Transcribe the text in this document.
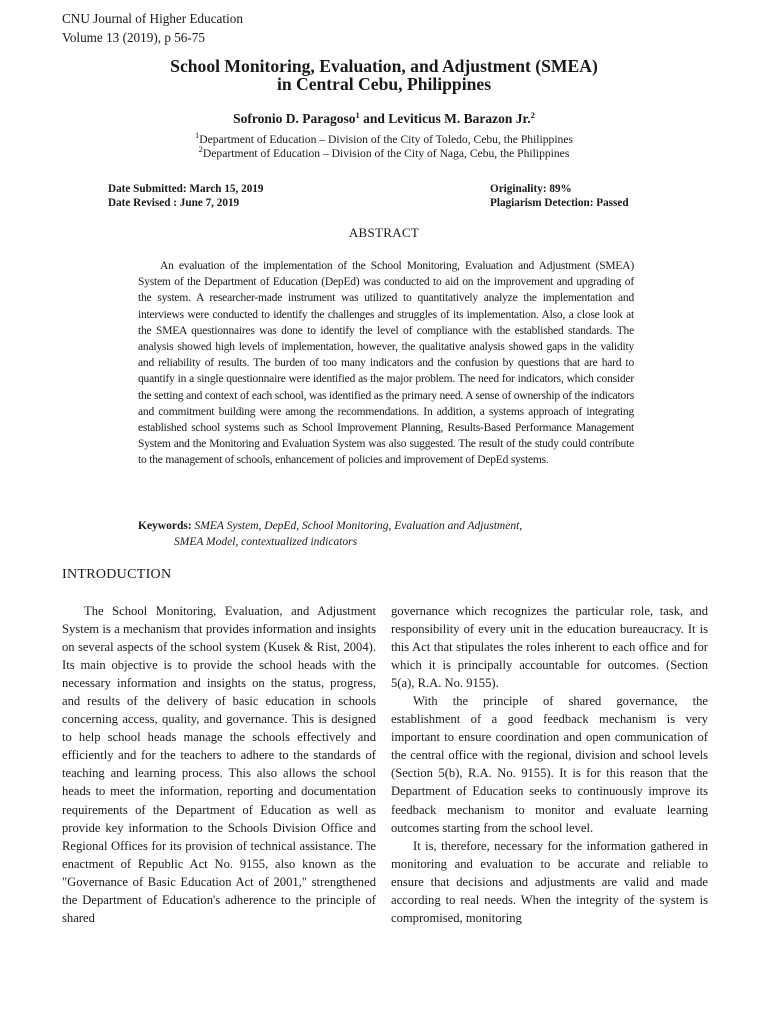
CNU Journal of Higher Education
Volume 13 (2019), p 56-75
School Monitoring, Evaluation, and Adjustment (SMEA)
in Central Cebu, Philippines
Sofronio D. Paragoso$^1$ and Leviticus M. Barazon Jr.$^2$
$^1$Department of Education – Division of the City of Toledo, Cebu, the Philippines
$^2$Department of Education – Division of the City of Naga, Cebu, the Philippines
Date Submitted: March 15, 2019
Date Revised : June 7, 2019
Originality: 89%
Plagiarism Detection: Passed
ABSTRACT

An evaluation of the implementation of the School Monitoring, Evaluation and Adjustment (SMEA) System of the Department of Education (DepEd) was conducted to aid on the improvement and upgrading of the system. A researcher-made instrument was utilized to quantitatively analyze the implementation and interviews were conducted to identify the challenges and struggles of its implementation. Also, a close look at the SMEA questionnaires was done to identify the level of compliance with the established standards. The analysis showed high levels of implementation, however, the qualitative analysis showed gaps in the validity and reliability of results. The burden of too many indicators and the confusion by questions that are hard to quantify in a single questionnaire were identified as the major problem. The need for indicators, which consider the setting and context of each school, was identified as the primary need. A sense of ownership of the indicators and commitment building were among the recommendations. In addition, a systems approach of integrating established school systems such as School Improvement Planning, Results-Based Performance Management System and the Monitoring and Evaluation System was also suggested. The result of the study could contribute to the management of schools, enhancement of policies and improvement of DepEd systems.

Keywords: SMEA System, DepEd, School Monitoring, Evaluation and Adjustment,
SMEA Model, contextualized indicators
INTRODUCTION

The School Monitoring, Evaluation, and Adjustment System is a mechanism that provides information and insights on several aspects of the school system (Kusek & Rist, 2004). Its main objective is to provide the school heads with the necessary information and insights on the status, progress, and results of the delivery of basic education in schools concerning access, quality, and governance. This is designed to help school heads manage the schools effectively and efficiently and for the teachers to adhere to the standards of teaching and learning process. This also allows the school heads to meet the information, reporting and documentation requirements of the Department of Education as well as provide key information to the Schools Division Office and Regional Offices for its provision of technical assistance. The enactment of Republic Act No. 9155, also known as the "Governance of Basic Education Act of 2001," strengthened the Department of Education's adherence to the principle of shared

governance which recognizes the particular role, task, and responsibility of every unit in the education bureaucracy. It is this Act that stipulates the roles inherent to each office and for which it is principally accountable for outcomes. (Section 5(a), R.A. No. 9155).

With the principle of shared governance, the establishment of a good feedback mechanism is very important to ensure coordination and open communication of the central office with the regional, division and school levels (Section 5(b), R.A. No. 9155). It is for this reason that the Department of Education seeks to continuously improve its feedback mechanism to monitor and evaluate learning outcomes starting from the school level.

It is, therefore, necessary for the information gathered in monitoring and evaluation to be accurate and reliable to ensure that decisions and adjustments are valid and made according to real needs. When the integrity of the system is compromised, monitoring
